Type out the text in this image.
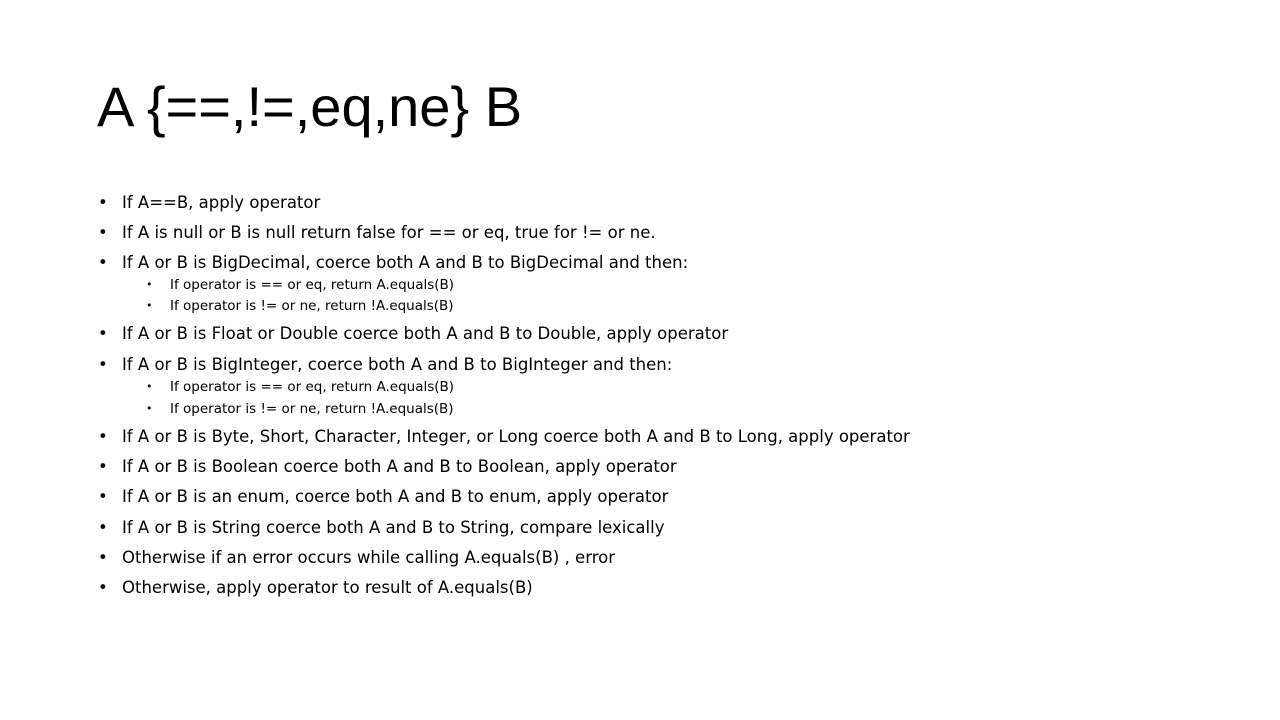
A {==,!=,eq,ne} B
• If A==B, apply operator
• If A is null or B is null return false for == or eq, true for != or ne.
• If A or B is BigDecimal, coerce both A and B to BigDecimal and then:
• If operator is == or eq, return A.equals(B)
• If operator is != or ne, return !A.equals(B)
• If A or B is Float or Double coerce both A and B to Double, apply operator
• If A or B is BigInteger, coerce both A and B to BigInteger and then:
• If operator is == or eq, return A.equals(B)
• If operator is != or ne, return !A.equals(B)
• If A or B is Byte, Short, Character, Integer, or Long coerce both A and B to Long, apply operator
• If A or B is Boolean coerce both A and B to Boolean, apply operator
• If A or B is an enum, coerce both A and B to enum, apply operator
• If A or B is String coerce both A and B to String, compare lexically
• Otherwise if an error occurs while calling A.equals(B) , error
• Otherwise, apply operator to result of A.equals(B)
